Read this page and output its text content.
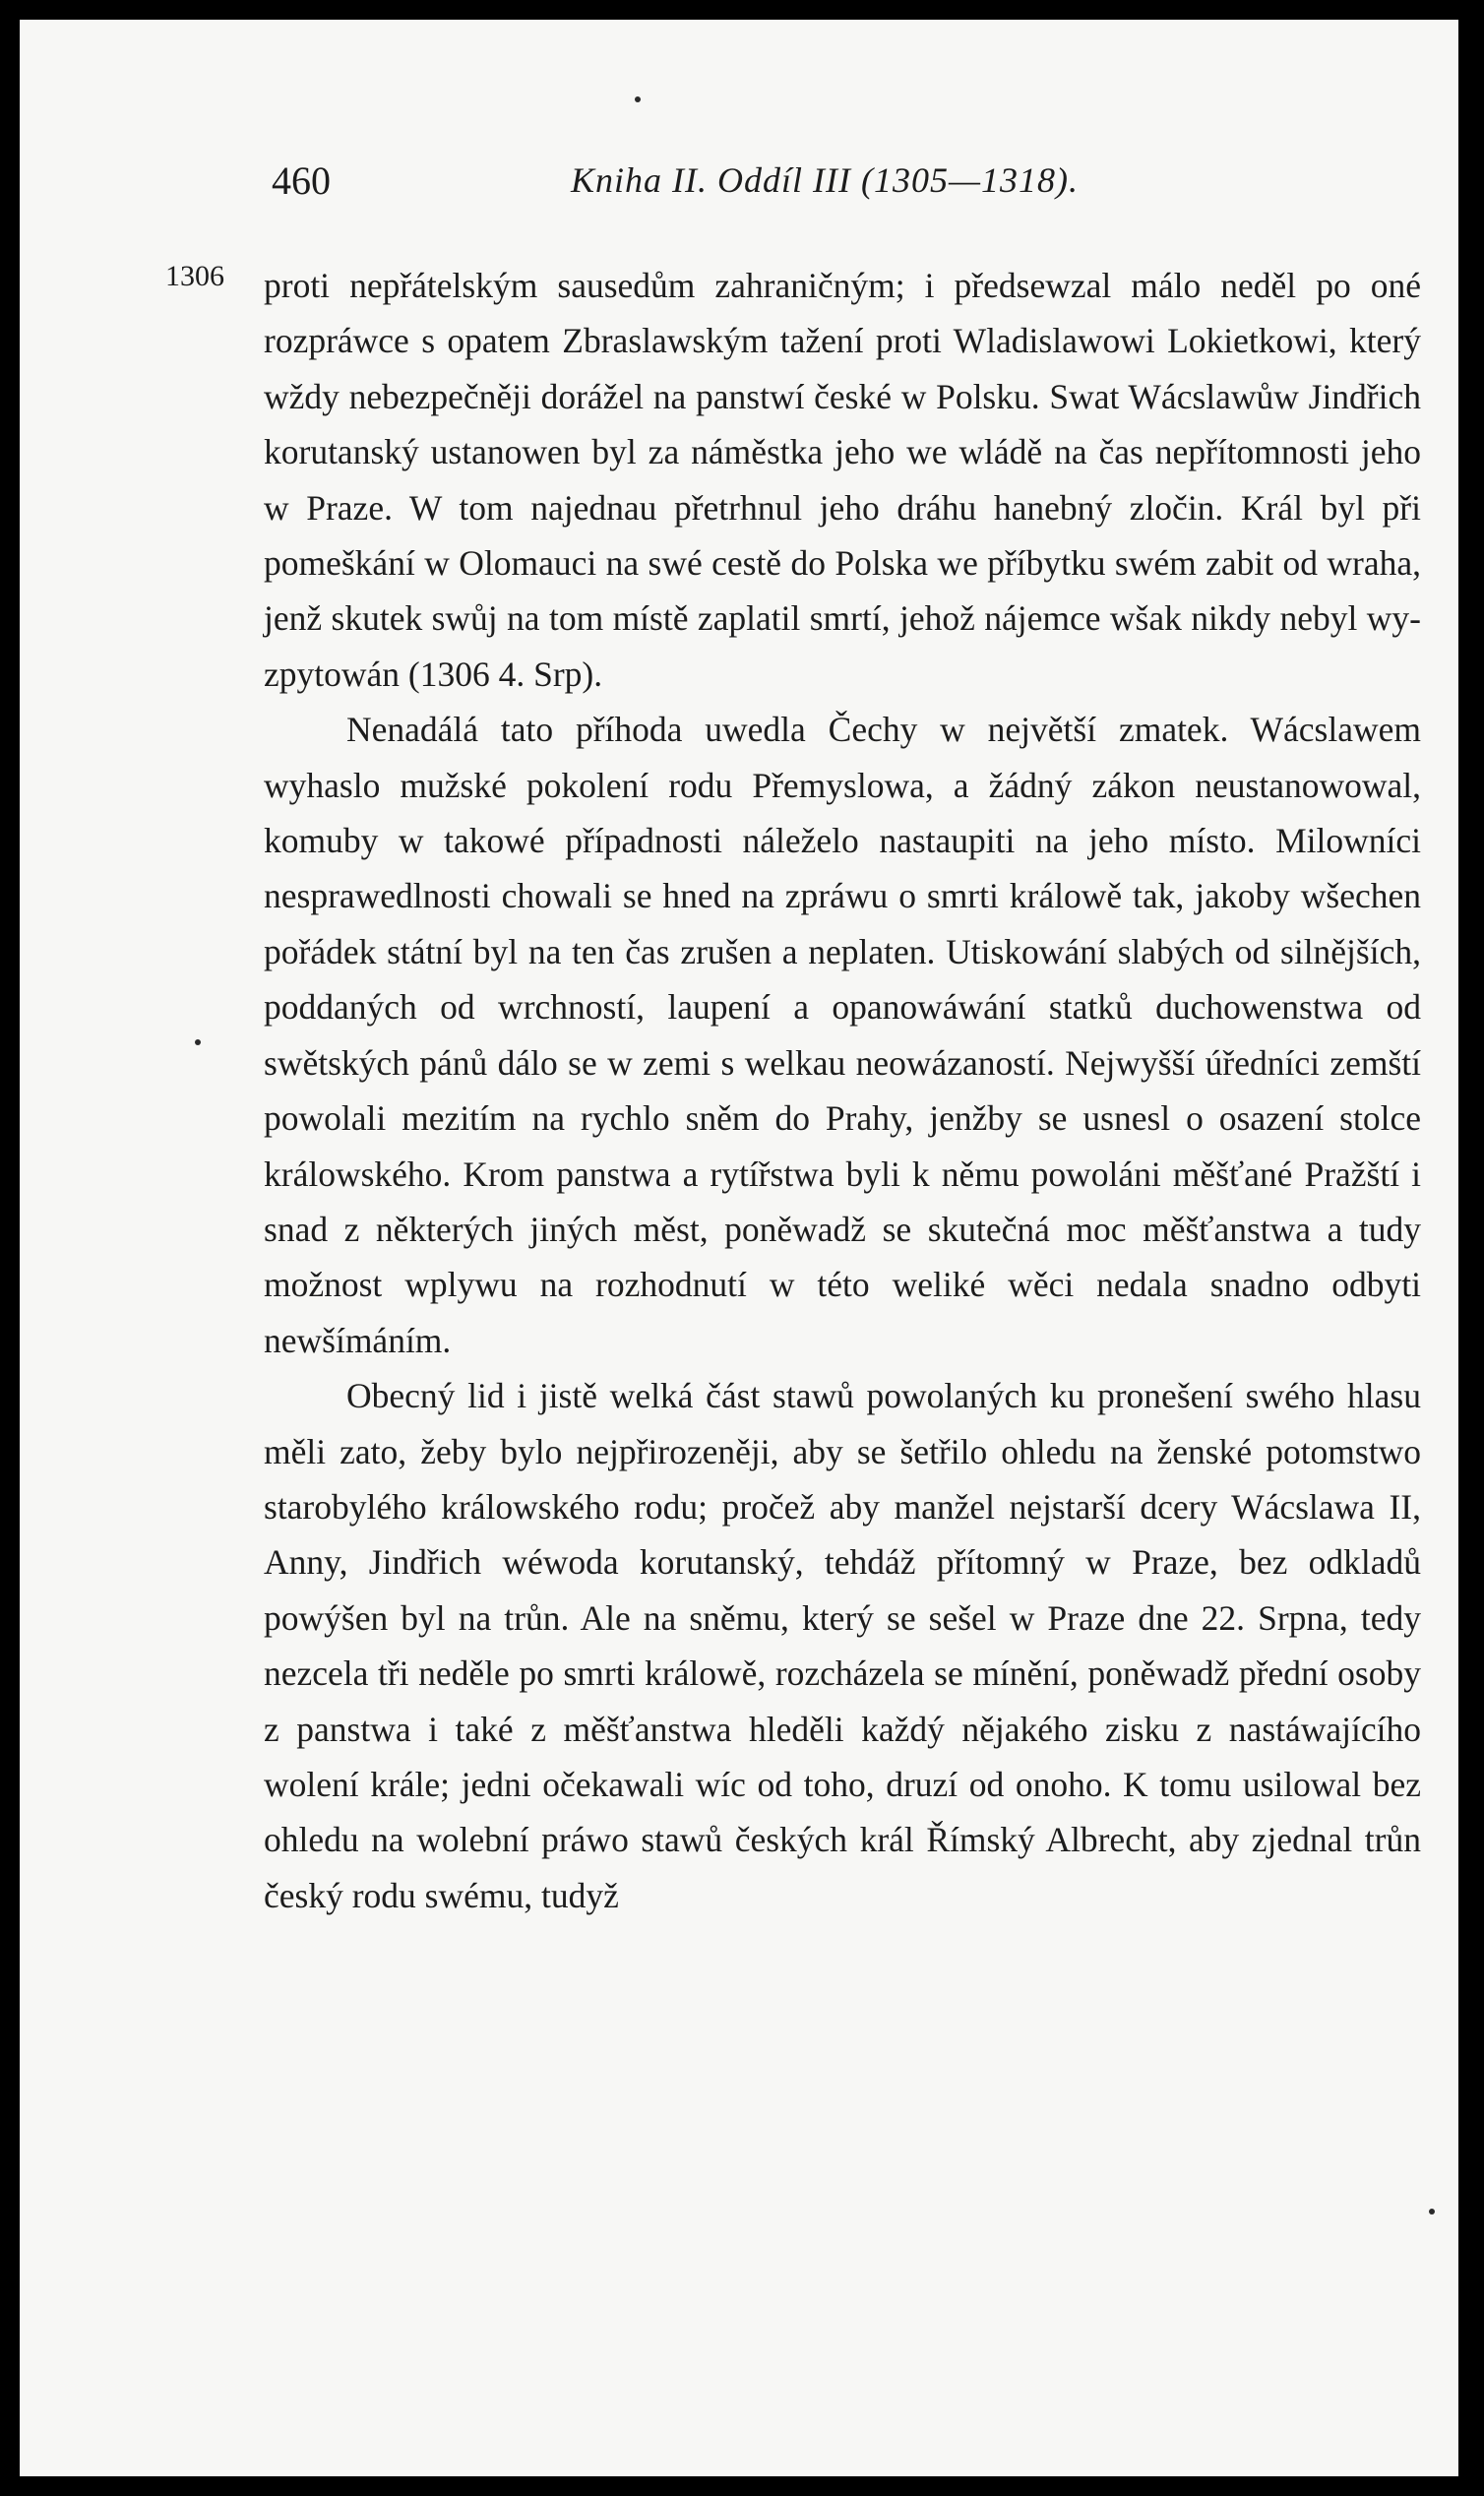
460	Kniha II. Oddíl III (1305—1318).
1306 proti nepřátelským sausedům zahraničným; i předsewzal málo neděl po oné rozpráwce s opatem Zbraslawským tažení proti Wladislawowi Lokietkowi, který wždy nebezpečněji dorážel na panstwí české w Polsku. Swat Wácslawůw Jindřich korutanský ustanowen byl za náměstka jeho we wládě na čas nepřítomnosti jeho w Praze. W tom najednau přetrhnul jeho dráhu hanebný zločin. Král byl při pomeškání w Olomauci na swé cestě do Polska we příbytku swém zabit od wraha, jenž skutek swůj na tom místě zaplatil smrtí, jehož nájemce wšak nikdy nebyl wyzpytowán (1306 4. Srp).

Nenadálá tato příhoda uwedla Čechy w největší zmatek. Wácslawem wyhaslo mužské pokolení rodu Přemyslowa, a žádný zákon neustanowowal, komuby w takowé případnosti náleželo nastaupiti na jeho místo. Milowníci nesprawedlnosti chowali se hned na zpráwu o smrti králowě tak, jakoby wšechen pořádek státní byl na ten čas zrušen a neplaten. Utiskowání slabých od silnějších, poddaných od wrchností, laupení a opanowáwání statků duchowenstwa od swětských pánů dálo se w zemi s welkau neowázaností. Nejwyšší úředníci zemští powolali mezitím na rychlo sněm do Prahy, jenžby se usnesl o osazení stolce králowského. Krom panstwa a rytířstwa byli k němu powoláni měšťané Pražští i snad z některých jiných měst, poněwadž se skutečná moc měšťanstwa a tudy možnost wplywu na rozhodnutí w této weliké wěci nedala snadno odbyti newšímáním.

Obecný lid i jistě welká část stawů powolaných ku pronešení swého hlasu měli zato, žeby bylo nejpřirozeněji, aby se šetřilo ohledu na ženské potomstwo starobylého králowského rodu; pročež aby manžel nejstarší dcery Wácslawa II, Anny, Jindřich wéwoda korutanský, tehdáž přítomný w Praze, bez odkladů powýšen byl na trůn. Ale na sněmu, který se sešel w Praze dne 22. Srpna, tedy nezcela tři neděle po smrti králowě, rozcházela se mínění, poněwadž přední osoby z panstwa i také z měšťanstwa hleděli každý nějakého zisku z nastáwajícího wolení krále; jedni očekawali wíc od toho, druzí od onoho. K tomu usilowal bez ohledu na wolební práwo stawů českých král Římský Albrecht, aby zjednal trůn český rodu swému, tudyž
